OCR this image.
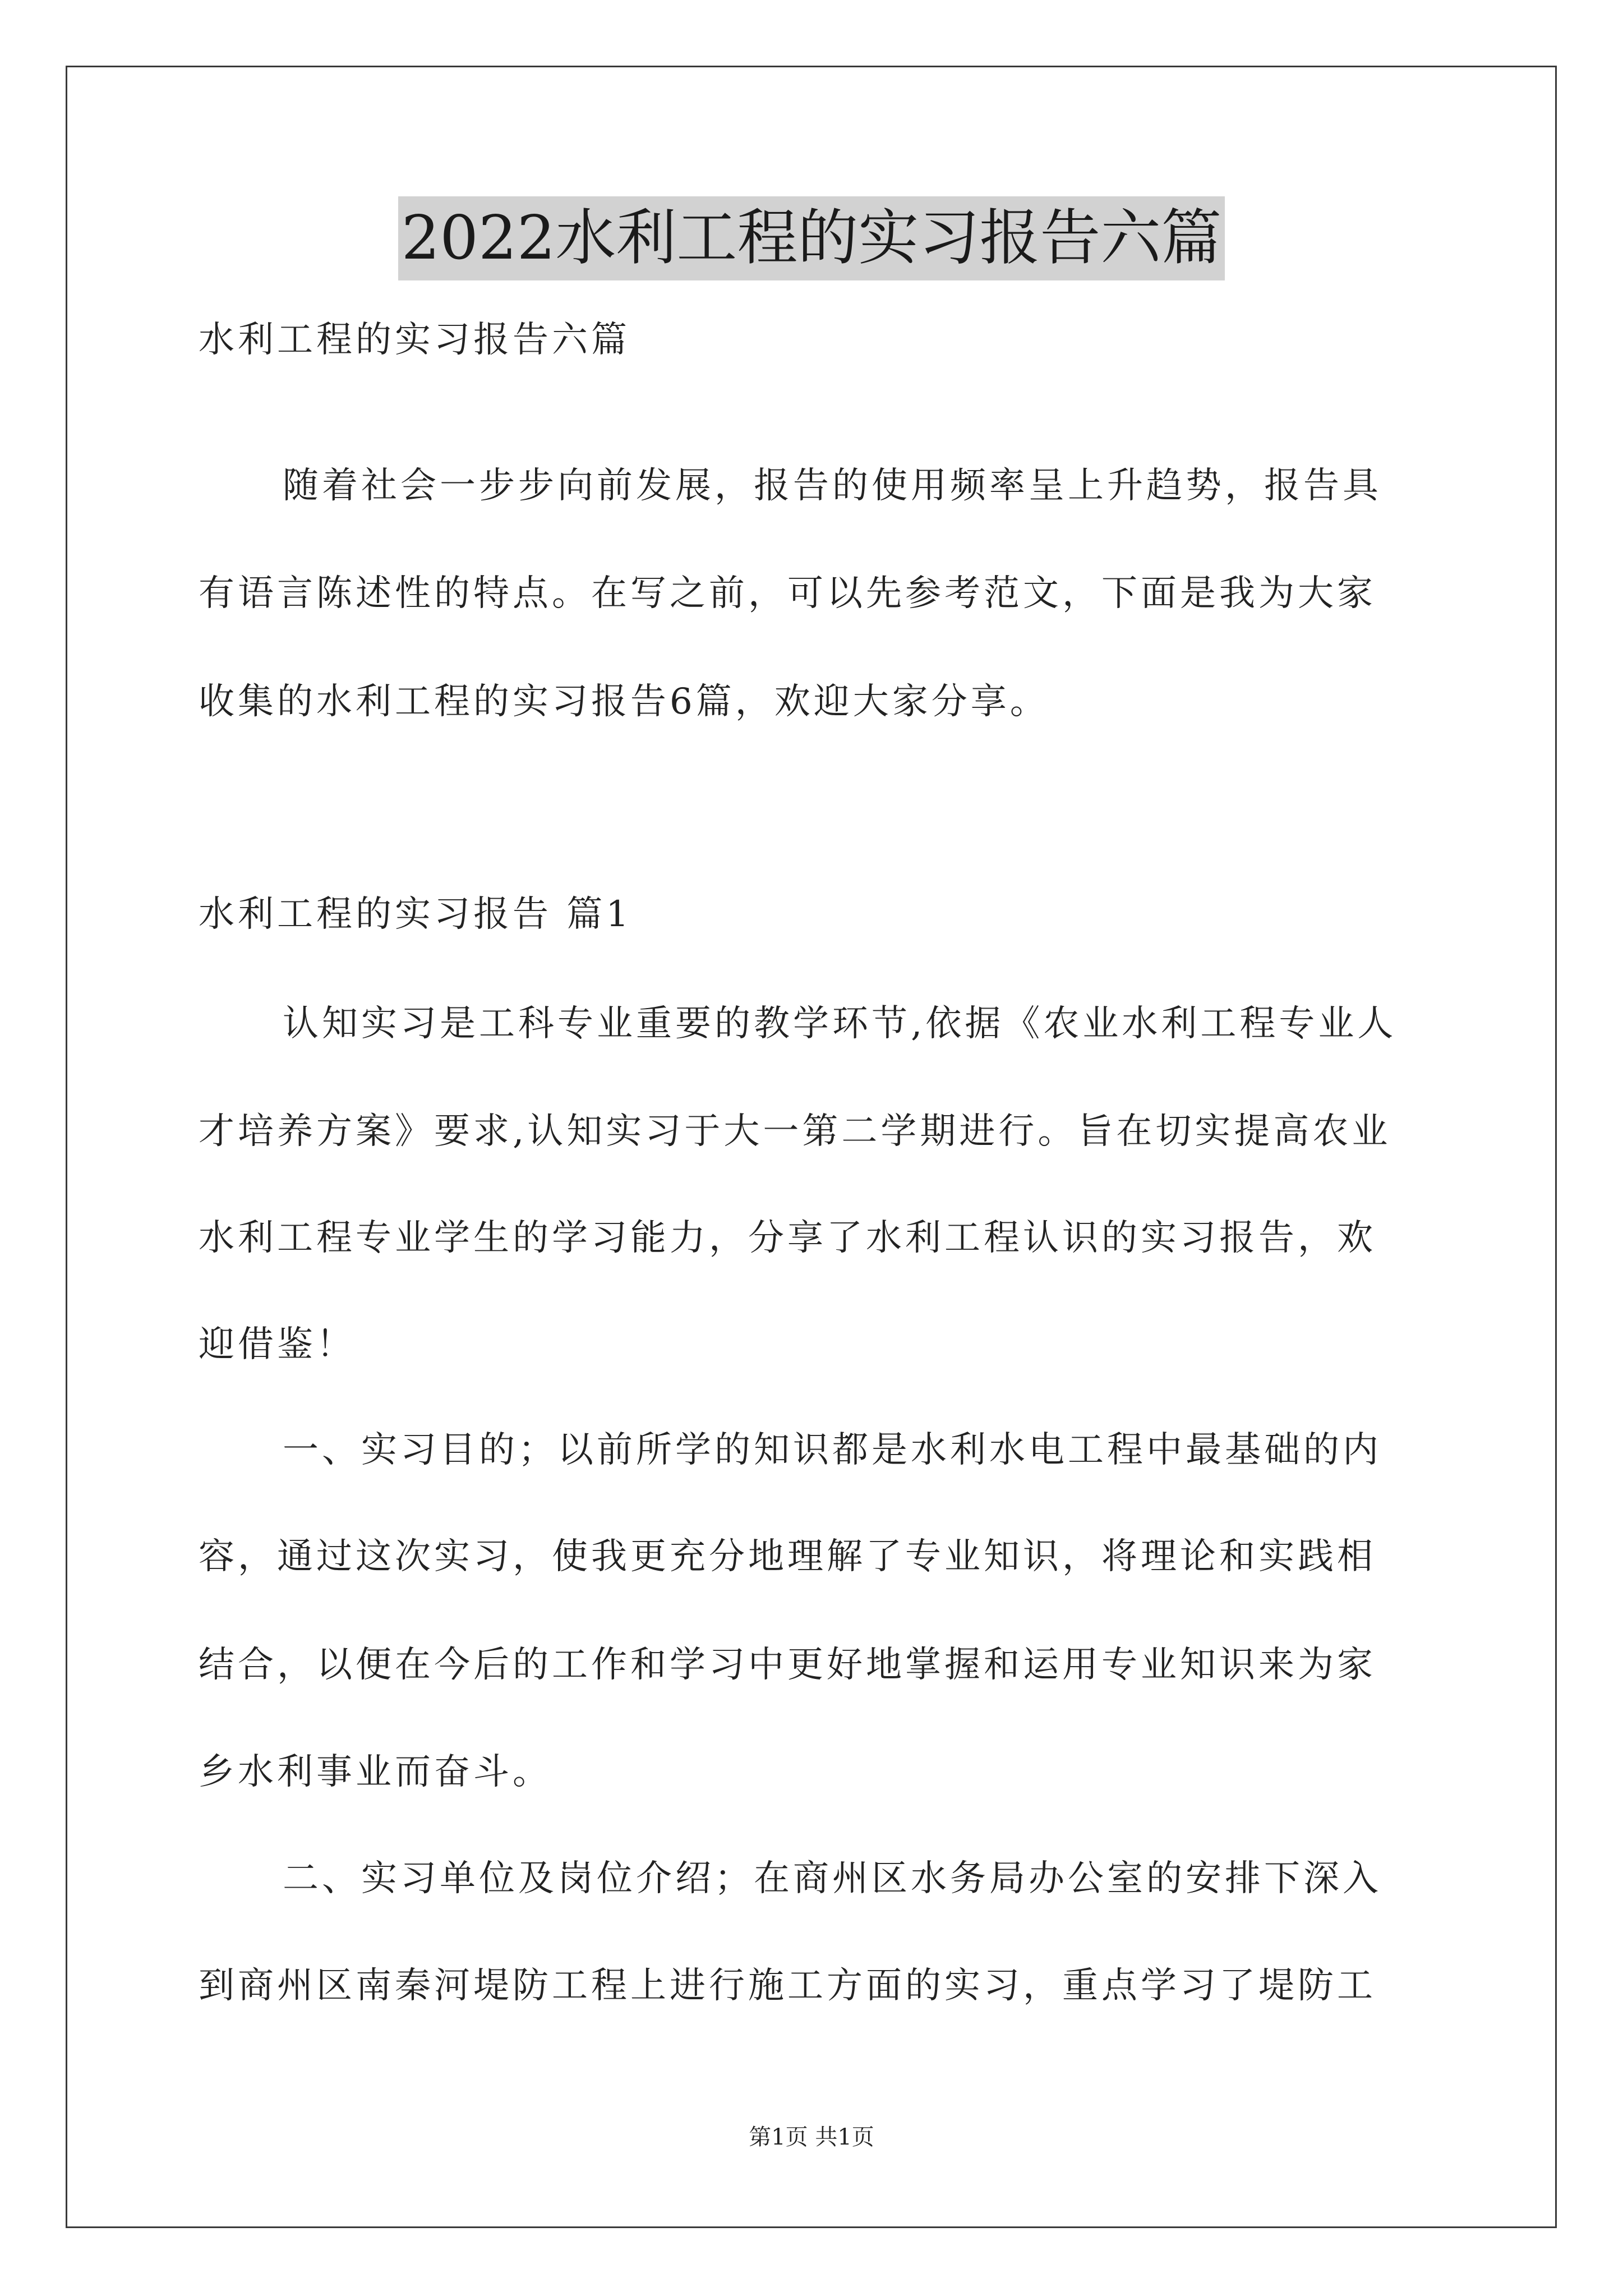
2022水利工程的实习报告六篇
水利工程的实习报告六篇
随着社会一步步向前发展，报告的使用频率呈上升趋势，报告具
有语言陈述性的特点。在写之前，可以先参考范文，下面是我为大家
收集的水利工程的实习报告6篇，欢迎大家分享。
水利工程的实习报告 篇1
认知实习是工科专业重要的教学环节,依据《农业水利工程专业人
才培养方案》要求,认知实习于大一第二学期进行。旨在切实提高农业
水利工程专业学生的学习能力，分享了水利工程认识的实习报告，欢
迎借鉴！
一、实习目的；以前所学的知识都是水利水电工程中最基础的内
容，通过这次实习，使我更充分地理解了专业知识，将理论和实践相
结合，以便在今后的工作和学习中更好地掌握和运用专业知识来为家
乡水利事业而奋斗。
二、实习单位及岗位介绍；在商州区水务局办公室的安排下深入
到商州区南秦河堤防工程上进行施工方面的实习，重点学习了堤防工
第1页 共1页
